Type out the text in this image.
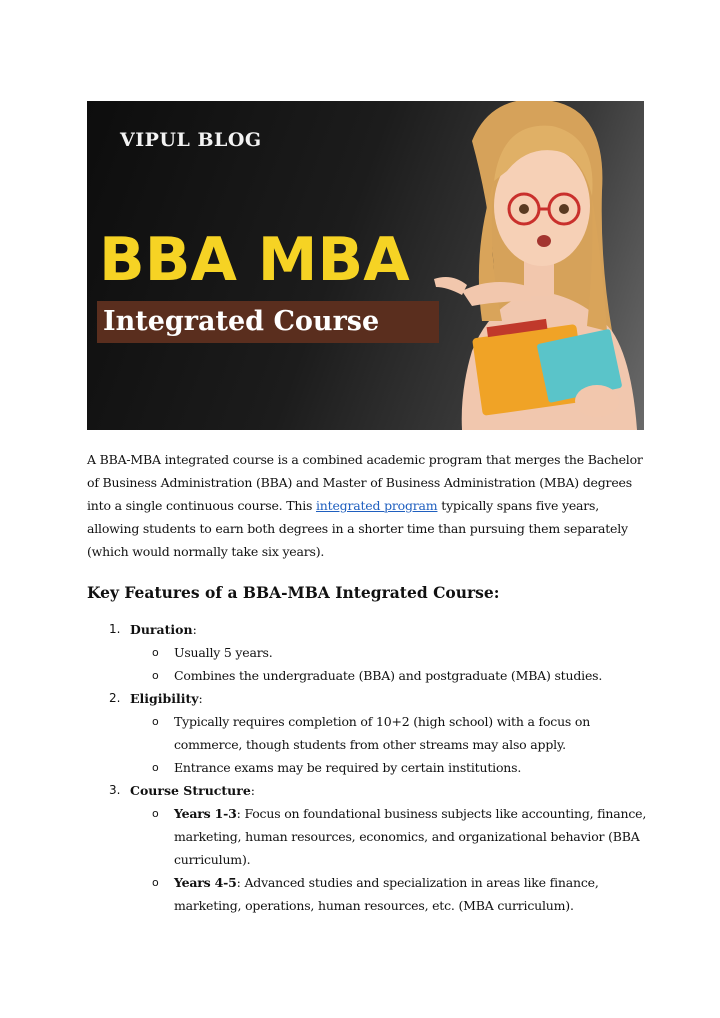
VIPUL BLOG
BBA MBA
Integrated Course

A BBA-MBA integrated course is a combined academic program that merges the Bachelor of Business Administration (BBA) and Master of Business Administration (MBA) degrees into a single continuous course. This integrated program typically spans five years, allowing students to earn both degrees in a shorter time than pursuing them separately (which would normally take six years).

Key Features of a BBA-MBA Integrated Course:
1. Duration:
o Usually 5 years.
o Combines the undergraduate (BBA) and postgraduate (MBA) studies.
2. Eligibility:
o Typically requires completion of 10+2 (high school) with a focus on commerce, though students from other streams may also apply.
o Entrance exams may be required by certain institutions.
3. Course Structure:
o Years 1-3: Focus on foundational business subjects like accounting, finance, marketing, human resources, economics, and organizational behavior (BBA curriculum).
o Years 4-5: Advanced studies and specialization in areas like finance, marketing, operations, human resources, etc. (MBA curriculum).
